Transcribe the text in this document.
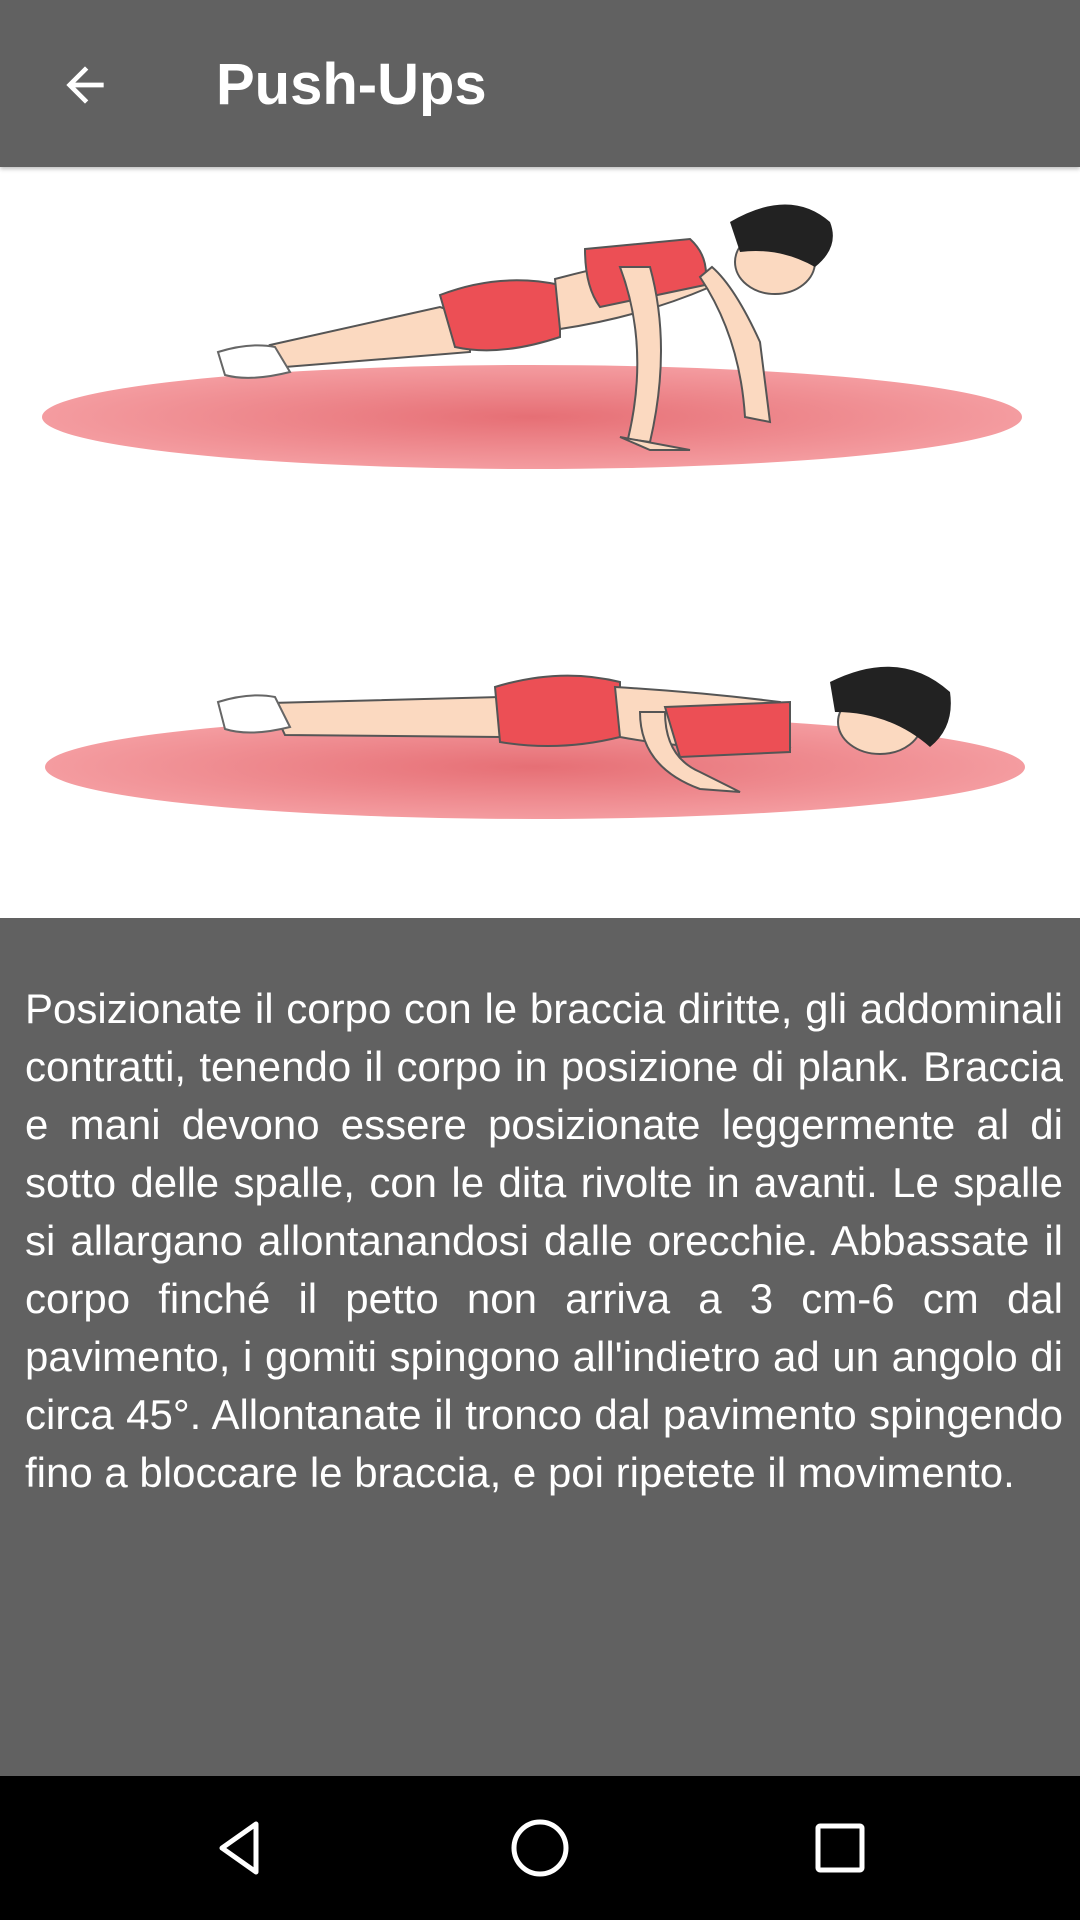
Push-Ups

Posizionate il corpo con le braccia diritte, gli addominali contratti, tenendo il corpo in posizione di plank. Braccia e mani devono essere posizionate leggermente al di sotto delle spalle, con le dita rivolte in avanti. Le spalle si allargano allontanandosi dalle orecchie. Abbassate il corpo finché il petto non arriva a 3 cm-6 cm dal pavimento, i gomiti spingono all'indietro ad un angolo di circa 45°. Allontanate il tronco dal pavimento spingendo fino a bloccare le braccia, e poi ripetete il movimento.
